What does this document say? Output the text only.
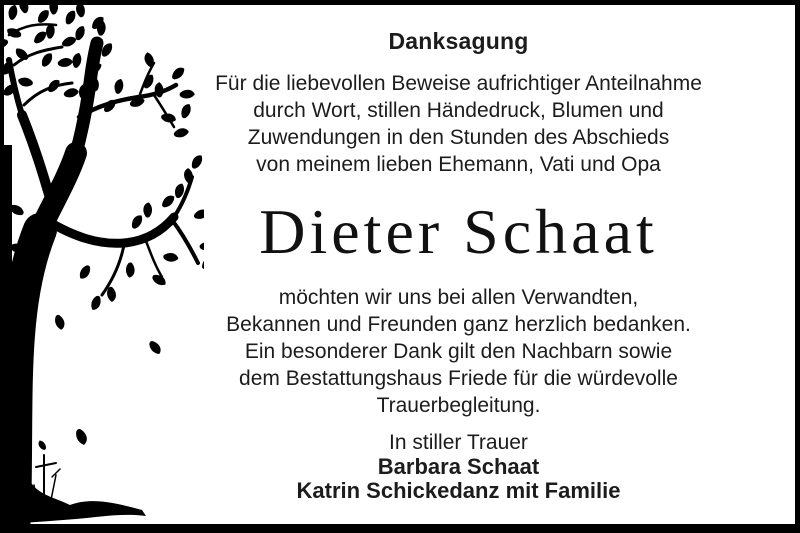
Danksagung
Für die liebevollen Beweise aufrichtiger Anteilnahme
durch Wort, stillen Händedruck, Blumen und
Zuwendungen in den Stunden des Abschieds
von meinem lieben Ehemann, Vati und Opa
Dieter Schaat
möchten wir uns bei allen Verwandten,
Bekannen und Freunden ganz herzlich bedanken.
Ein besonderer Dank gilt den Nachbarn sowie
dem Bestattungshaus Friede für die würdevolle
Trauerbegleitung.
In stiller Trauer
Barbara Schaat
Katrin Schickedanz mit Familie
